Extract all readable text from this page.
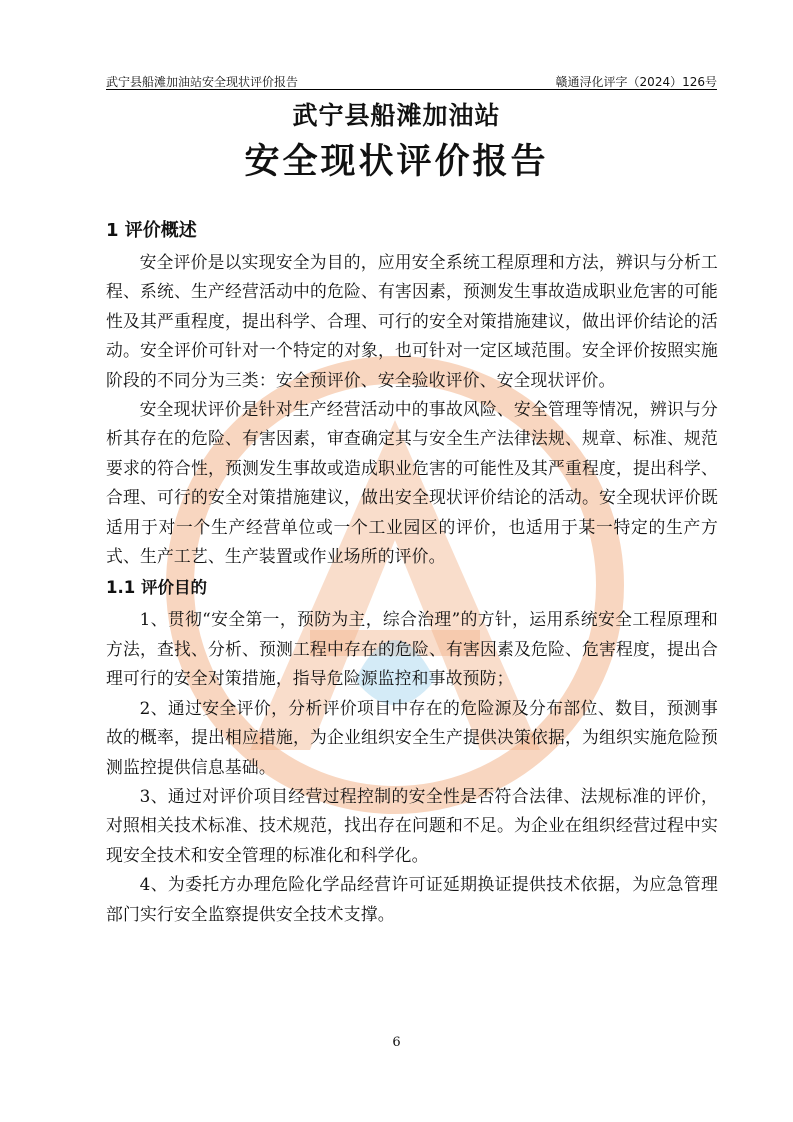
武宁县船滩加油站安全现状评价报告	赣通浔化评字（2024）126号
武宁县船滩加油站
安全现状评价报告
1 评价概述

安全评价是以实现安全为目的，应用安全系统工程原理和方法，辨识与分析工程、系统、生产经营活动中的危险、有害因素，预测发生事故造成职业危害的可能性及其严重程度，提出科学、合理、可行的安全对策措施建议，做出评价结论的活动。安全评价可针对一个特定的对象，也可针对一定区域范围。安全评价按照实施阶段的不同分为三类：安全预评价、安全验收评价、安全现状评价。

安全现状评价是针对生产经营活动中的事故风险、安全管理等情况，辨识与分析其存在的危险、有害因素，审查确定其与安全生产法律法规、规章、标准、规范要求的符合性，预测发生事故或造成职业危害的可能性及其严重程度，提出科学、合理、可行的安全对策措施建议，做出安全现状评价结论的活动。安全现状评价既适用于对一个生产经营单位或一个工业园区的评价，也适用于某一特定的生产方式、生产工艺、生产装置或作业场所的评价。

1.1 评价目的

1、贯彻“安全第一，预防为主，综合治理”的方针，运用系统安全工程原理和方法，查找、分析、预测工程中存在的危险、有害因素及危险、危害程度，提出合理可行的安全对策措施，指导危险源监控和事故预防；

2、通过安全评价，分析评价项目中存在的危险源及分布部位、数目，预测事故的概率，提出相应措施，为企业组织安全生产提供决策依据，为组织实施危险预测监控提供信息基础。

3、通过对评价项目经营过程控制的安全性是否符合法律、法规标准的评价，对照相关技术标准、技术规范，找出存在问题和不足。为企业在组织经营过程中实现安全技术和安全管理的标准化和科学化。

4、为委托方办理危险化学品经营许可证延期换证提供技术依据，为应急管理部门实行安全监察提供安全技术支撑。

6
